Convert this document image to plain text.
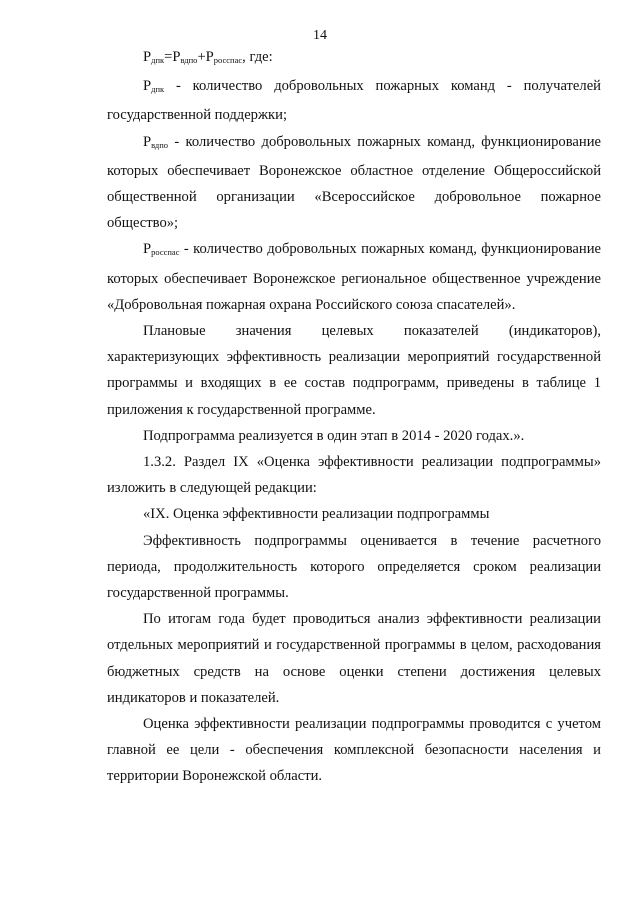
14

$P_{дпк}=P_{вдпо}+P_{росспас}$, где:

$P_{дпк}$ - количество добровольных пожарных команд - получателей государственной поддержки;

$P_{вдпо}$ - количество добровольных пожарных команд, функционирование которых обеспечивает Воронежское областное отделение Общероссийской общественной организации «Всероссийское добровольное пожарное общество»;

$P_{росспас}$ - количество добровольных пожарных команд, функционирование которых обеспечивает Воронежское региональное общественное учреждение «Добровольная пожарная охрана Российского союза спасателей».

Плановые значения целевых показателей (индикаторов), характеризующих эффективность реализации мероприятий государственной программы и входящих в ее состав подпрограмм, приведены в таблице 1 приложения к государственной программе.

Подпрограмма реализуется в один этап в 2014 - 2020 годах.».

1.3.2. Раздел IX «Оценка эффективности реализации подпрограммы» изложить в следующей редакции:

«IX. Оценка эффективности реализации подпрограммы

Эффективность подпрограммы оценивается в течение расчетного периода, продолжительность которого определяется сроком реализации государственной программы.

По итогам года будет проводиться анализ эффективности реализации отдельных мероприятий и государственной программы в целом, расходования бюджетных средств на основе оценки степени достижения целевых индикаторов и показателей.

Оценка эффективности реализации подпрограммы проводится с учетом главной ее цели - обеспечения комплексной безопасности населения и территории Воронежской области.
